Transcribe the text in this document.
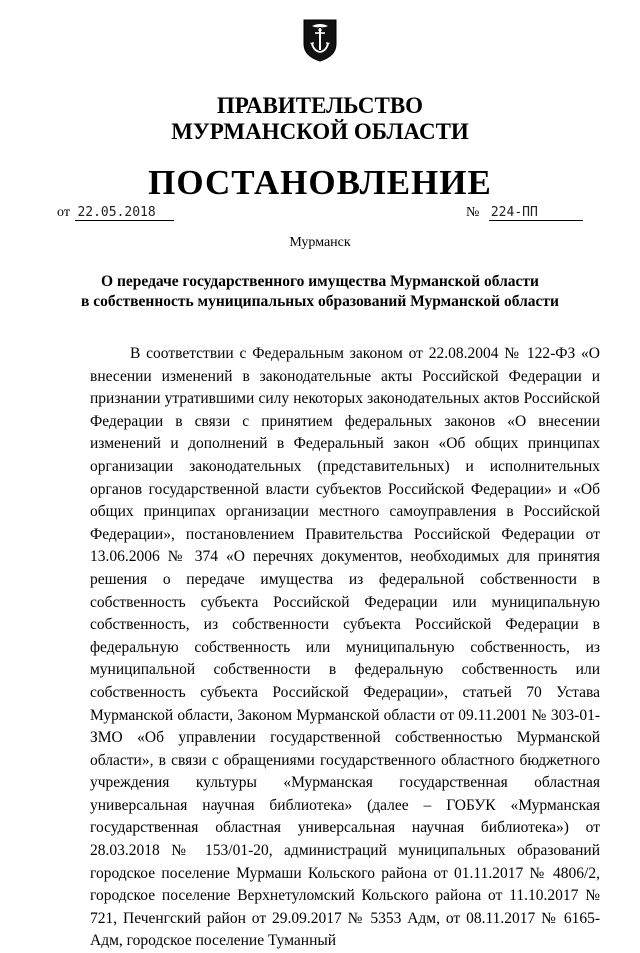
ПРАВИТЕЛЬСТВО
МУРМАНСКОЙ ОБЛАСТИ
ПОСТАНОВЛЕНИЕ
от 22.05.2018	№ 224-ПП
Мурманск
О передаче государственного имущества Мурманской области
в собственность муниципальных образований Мурманской области

В соответствии с Федеральным законом от 22.08.2004 № 122-ФЗ «О внесении изменений в законодательные акты Российской Федерации и признании утратившими силу некоторых законодательных актов Российской Федерации в связи с принятием федеральных законов «О внесении изменений и дополнений в Федеральный закон «Об общих принципах организации законодательных (представительных) и исполнительных органов государственной власти субъектов Российской Федерации» и «Об общих принципах организации местного самоуправления в Российской Федерации», постановлением Правительства Российской Федерации от 13.06.2006 № 374 «О перечнях документов, необходимых для принятия решения о передаче имущества из федеральной собственности в собственность субъекта Российской Федерации или муниципальную собственность, из собственности субъекта Российской Федерации в федеральную собственность или муниципальную собственность, из муниципальной собственности в федеральную собственность или собственность субъекта Российской Федерации», статьей 70 Устава Мурманской области, Законом Мурманской области от 09.11.2001 № 303-01-ЗМО «Об управлении государственной собственностью Мурманской области», в связи с обращениями государственного областного бюджетного учреждения культуры «Мурманская государственная областная универсальная научная библиотека» (далее – ГОБУК «Мурманская государственная областная универсальная научная библиотека») от 28.03.2018 № 153/01-20, администраций муниципальных образований городское поселение Мурмаши Кольского района от 01.11.2017 № 4806/2, городское поселение Верхнетуломский Кольского района от 11.10.2017 № 721, Печенгский район от 29.09.2017 № 5353 Адм, от 08.11.2017 № 6165-Адм, городское поселение Туманный
